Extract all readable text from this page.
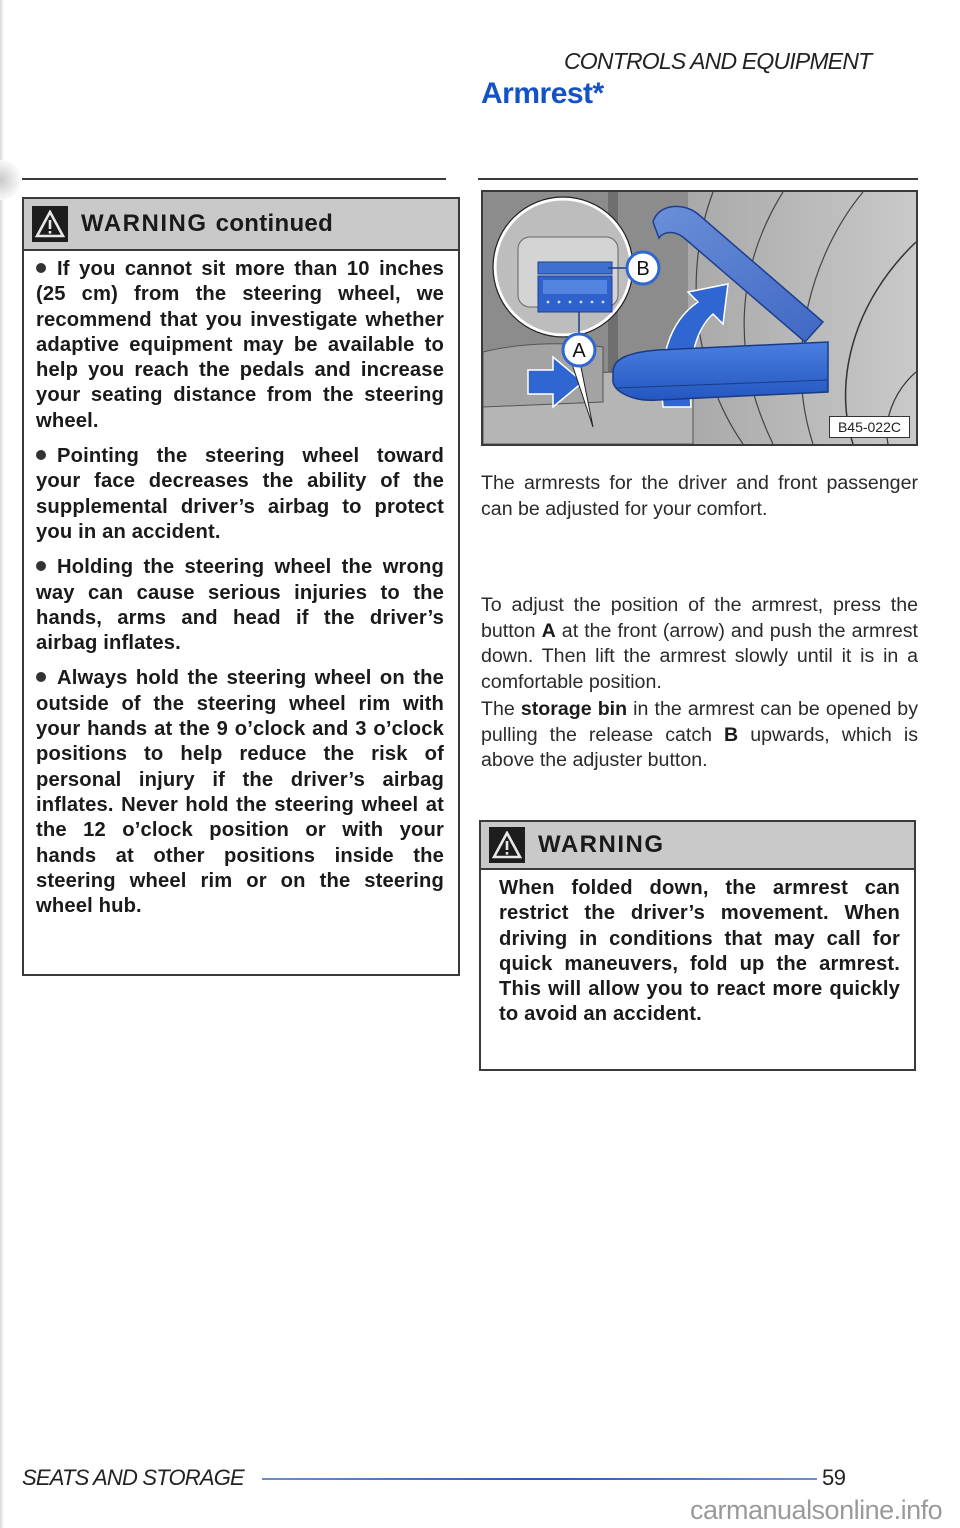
CONTROLS AND EQUIPMENT
Armrest*
WARNING continued

If you cannot sit more than 10 inches (25 cm) from the steering wheel, we recommend that you investigate whether adaptive equipment may be available to help you reach the pedals and increase your seating distance from the steering wheel.

Pointing the steering wheel toward your face decreases the ability of the supplemental driver’s airbag to protect you in an accident.

Holding the steering wheel the wrong way can cause serious injuries to the hands, arms and head if the driver’s airbag inflates.

Always hold the steering wheel on the outside of the steering wheel rim with your hands at the 9 o’clock and 3 o’clock positions to help reduce the risk of personal injury if the driver’s airbag inflates. Never hold the steering wheel at the 12 o’clock position or with your hands at other positions inside the steering wheel rim or on the steering wheel hub.

B
A
B45-022C
The armrests for the driver and front passenger can be adjusted for your comfort.
To adjust the position of the armrest, press the button A at the front (arrow) and push the armrest down. Then lift the armrest slowly until it is in a comfortable position.
The storage bin in the armrest can be opened by pulling the release catch B upwards, which is above the adjuster button.
WARNING

When folded down, the armrest can restrict the driver’s movement. When driving in conditions that may call for quick maneuvers, fold up the armrest. This will allow you to react more quickly to avoid an accident.

SEATS AND STORAGE	59
carmanualsonline.info
